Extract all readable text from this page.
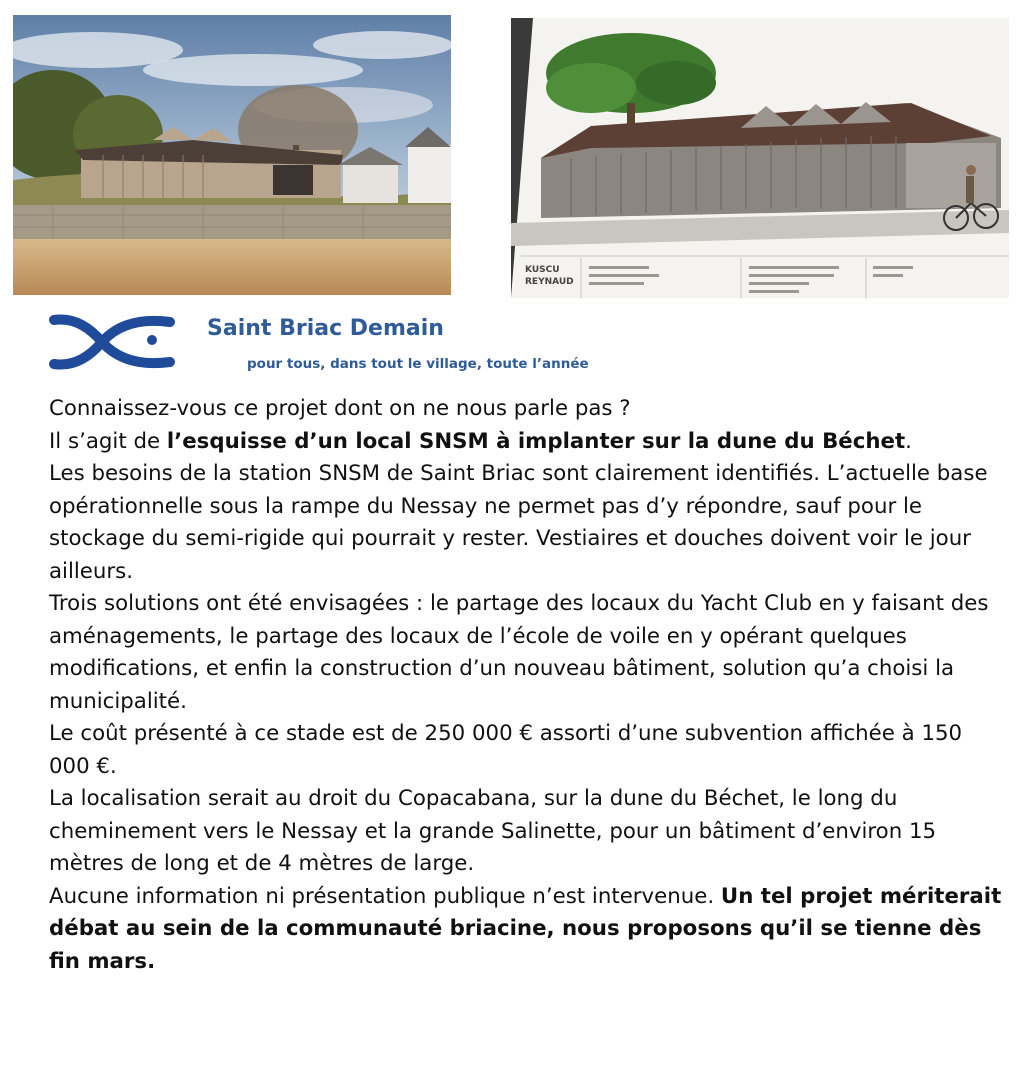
KUSCU
REYNAUD
Saint Briac Demain
pour tous, dans tout le village, toute l’année

Connaissez-vous ce projet dont on ne nous parle pas ?

Il s’agit de l’esquisse d’un local SNSM à implanter sur la dune du Béchet.

Les besoins de la station SNSM de Saint Briac sont clairement identifiés. L’actuelle base opérationnelle sous la rampe du Nessay ne permet pas d’y répondre, sauf pour le stockage du semi-rigide qui pourrait y rester. Vestiaires et douches doivent voir le jour ailleurs.

Trois solutions ont été envisagées : le partage des locaux du Yacht Club en y faisant des aménagements, le partage des locaux de l’école de voile en y opérant quelques modifications, et enfin la construction d’un nouveau bâtiment, solution qu’a choisi la municipalité.

Le coût présenté à ce stade est de 250 000 € assorti d’une subvention affichée à 150 000 €.

La localisation serait au droit du Copacabana, sur la dune du Béchet, le long du cheminement vers le Nessay et la grande Salinette, pour un bâtiment d’environ 15 mètres de long et de 4 mètres de large.

Aucune information ni présentation publique n’est intervenue. Un tel projet mériterait débat au sein de la communauté briacine, nous proposons qu’il se tienne dès fin mars.
